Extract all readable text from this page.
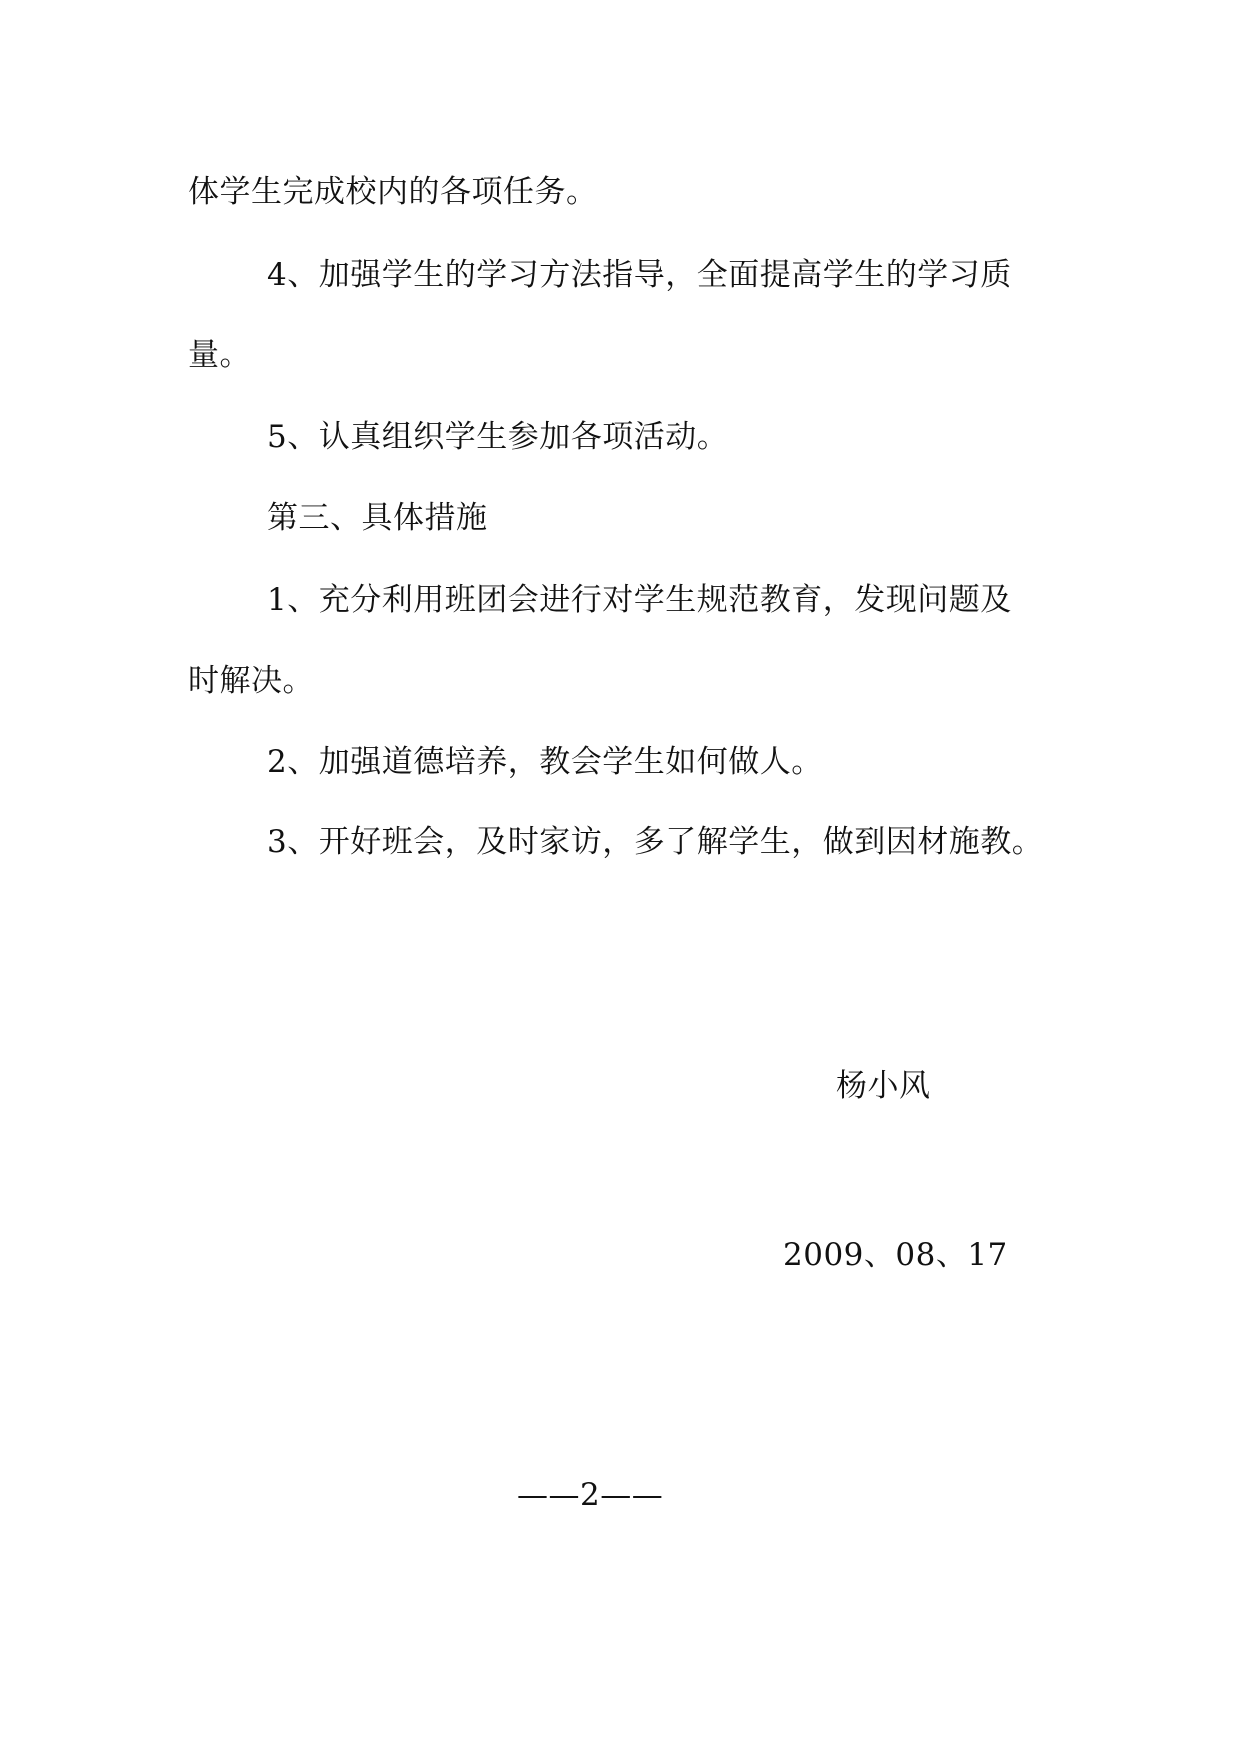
体学生完成校内的各项任务。
4、加强学生的学习方法指导，全面提高学生的学习质
量。
5、认真组织学生参加各项活动。
第三、具体措施
1、充分利用班团会进行对学生规范教育，发现问题及
时解决。
2、加强道德培养，教会学生如何做人。
3、开好班会，及时家访，多了解学生，做到因材施教。
杨小风
2009、08、17
——2——
